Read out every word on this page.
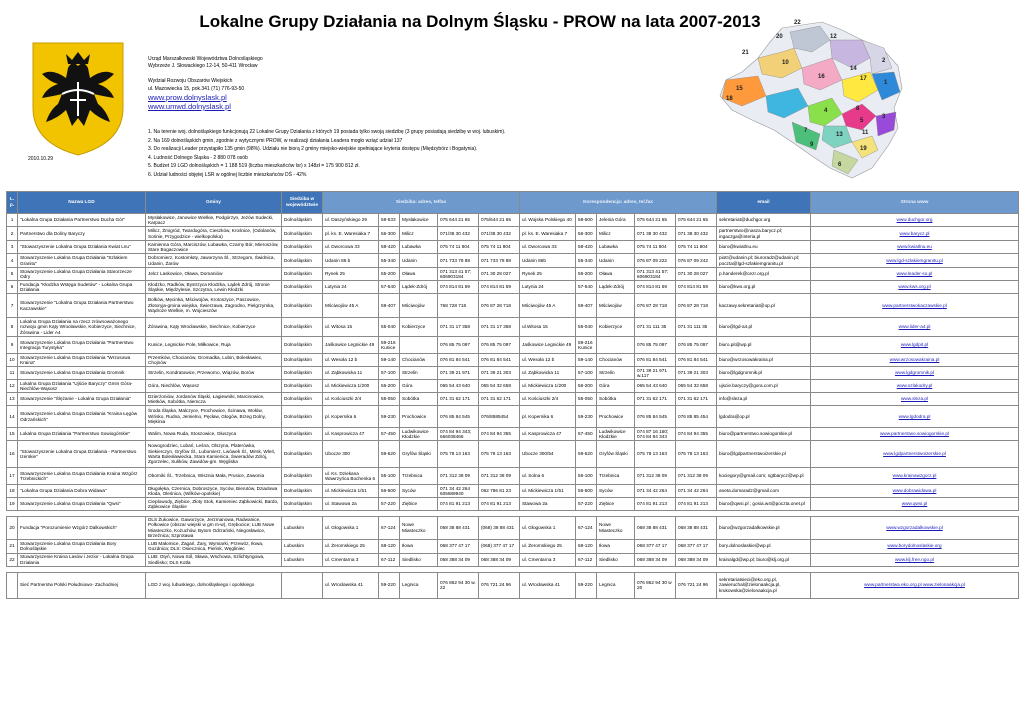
Lokalne Grupy Działania na Dolnym Śląsku - PROW na lata 2007-2013
Urząd Marszałkowski Województwa Dolnośląskiego
Wybrzeże J. Słowackiego 12-14, 50-411 Wrocław
Wydział Rozwoju Obszarów Wiejskich
ul. Mazowiecka 15, pok.341 (71) 776-93-50
www.prow.dolnyslask.pl
www.umwd.dolnyslask.pl
1. Na terenie woj. dolnośląskiego funkcjonują 22 Lokalne Grupy Działania z których 19 posiada tylko swoją siedzibę (3 grupy posiadają siedzibę w woj. lubuskim).
2. Na 169 dolnośląskich gmin, zgodnie z wytycznymi PROW, w realizacji działania Leadera mogło wziąć udział 137
3. Do realizacji Leader przystąpiło 135 gmin (98%). Udziału nie biorą 2 gminy miejsko-wiejskie spełniające kryteria dostępu (Międzybórz i Bogatynia).
4. Ludność Dolnego Śląska - 2 880 078 osób
5. Budżet 19 LGD dolnośląskich = 1 188 519 (liczba mieszkańców lsr) x 148zł = 175 900 812 zł.
6. Udział ludności objętej LSR w ogólnej liczbie mieszkańców DŚ - 42%
2010.10.29
22
20	12
21
10	2
14
17
1
16
15
18
4	8
3
5
7
13	11
19
9
6
L.p.	Nazwa LGD	Gminy	Siedziba w województwie	Siedziba: adres, telfax					Korespondencja: adres, tel.fax					email	Strona www
1	"Lokalna Grupa Działania Partnerstwo Ducha Gór"	Mysłakowice, Janowice Wielkie, Podgórzyn, Jeżów Sudecki, Karpacz	Dolnośląskim	ul. Daszyńskiego 29	58-533	Mysłakowice	075 644 21 65	075/644 21 65	ul. Wojska Polskiego 40	58-500	Jelenia Góra	075 644 21 65	075 644 21 65	sekretariat@duchgor.org	www.duchgor.org
2	Partnerstwo dla Doliny Baryczy	Milicz, Żmigród, Twardogóra, Cieszków, Krośnice, (Odolanów, Sośnie, Przygodzice - wielkopolska)	Dolnośląskim	pl. ks. E. Waresiaka 7	56-300	Milicz	071/38 30 432	071/38 30 432	pl. ks. E. Waresiaka 7	56-300	Milicz	071 38 30 432	071 38 30 432	partnerstwo@nasza.barycz.pl; ingaczga@interia.pl	www.barycz.pl
3	"Stowarzyszenie Lokalna Grupa Działania Kwiat Lnu"	Kamienna Góra, Marciszów, Lubawka, Czarny Bór, Mieroszów, Stare Bogaczowice	Dolnośląskim	ul. Dworcowa 33	58-420	Lubawka	075 74 11 804	075 74 11 804	ul. Dworcowa 33	58-420	Lubawka	075 74 11 804	075 74 11 804	biuro@kwiatlnu.eu	www.kwiatlnu.eu
4	Stowarzyszenie Lokalna Grupa Działania "Szlakiem Granitu"	Dobromierz, Kostomłoty, Jaworzyna Śl., Strzegom, Świdnica, Udanin, Żarów	Dolnośląskim	Udanin 86 b	55-340	Udanin	071 733 78 88	071 733 78 88	Udanin 86b	55-340	Udanin	076 87 09 222	076 87 09 242	piotr@udanin.pl; biuroradz@udanin.pl; poczta@lgd-szlakiemgranitu.pl	www.lgd-szlakiemgranitu.pl
5	Stowarzyszenie Lokalna Grupa Działania Starorzecze Odry	Jelcz Laskowice, Oława, Domaniów	Dolnośląskim	Rynek 25	55-200	Oława	071 313 41 57; 606903184	071 30 28 027	Rynek 25	55-200	Oława	071 313 41 57; 606903184	071 30 28 027	p.handerek@cezr.org.pl	www.leader-so.pl
6	Fundacja "Kłodzka Wstęga Sudetów" - Lokalna Grupa Działania	Kłodzko, Radków, Bystrzyca Kłodzka, Lądek Zdrój, Stronie Śląskie, Międzylesie, Szczytna, Lewin Kłodzki	Dolnośląskim	Lutynia 24	57-540	Lądek-Zdrój	074 814 81 59	074 814 81 59	Lutynia 24	57-540	Lądek-Zdrój	074 814 81 59	074 814 81 59	biuro@kws.org.pl	www.kws.org.pl
7	Stowarzyszenie "Lokalna Grupa Działania Partnerstwo Kaczawskie"	Bolków, Męcinka, Mściwojów, Krotoszyce, Paszowice, Złotoryja-gmina wiejska, Świerzawa, Zagrodno, Pielgrzymka, Wądroże Wielkie, m. Wojcieszów	Dolnośląskim	Mściwojów 45 A	59-407	Mściwojów	768 728 718	076 87 28 718	Mściwojów 45 A	59-407	Mściwojów	076 87 28 718	076 87 28 718	kaczawy.sekretariat@op.pl	www.partnerstwokaczawskie.pl
8	Lokalna Grupa Działania na rzecz zrównoważonego rozwoju gmin Kąty Wrocławskie, Kobierzyce, Siechnice, Żórawina - Lider A4	Żórawina, Kąty Wrocławskie, Siechnice, Kobierzyce	Dolnośląskim	ul. Witosa 15	55-040	Kobierzyce	071 31 17 358	071 31 17 358	ul.Witosa 15	55-040	Kobierzyce	071 31 111 35	071 31 111 35	biuro@lgd-a4.pl	www.lider-a4.pl
9	Stowarzyszenie Lokalna Grupa Działania "Partnerstwo Integracja Turystyka"	Kunice, Legnickie Pole, Miłkowice, Ruja	Dolnośląskim	Jaśkowice Legnickie 49	59-216 Kunice		076 85 75 097	076 85 75 097	Jaśkowice Legnickie 49	59-216 Kunice		076 85 75 097	076 85 75 097	biuro.pit@wp.pl	www.lgdpit.pl
10	Stowarzyszenie Lokalna Grupa Działania "Wrzosowa Kraina"	Przemków, Chocianów, Gromadka, Lubin, Bolesławiec, Chojnów	Dolnośląskim	ul. Wesoła 12 b	59-140	Chocianów	076 81 84 541	076 81 84 541	ul. Wesoła 12 b	59-140	Chocianów	076 81 84 541	076 81 84 541	biuro@wrzosowakraina.pl	www.wrzosowakraina.pl
11	Stowarzyszenie Lokalna Grupa Działania Gromnik	Strzelin, Kondratowice, Przeworno, Wiązów, Borów	Dolnośląskim	ul. Ząbkowicka 11	57-100	Strzelin	071 39 21 971	071 39 21 303	ul. Ząbkowicka 11	57-100	Strzelin	071 39 21 971 w.117	071 39 21 303	biuro@lgdgromnik.pl	www.lgdgromnik.pl
12	Lokalna Grupa Działania "Ujście Baryczy" Gmin Góra-Niechlów-Wąsosz	Góra, Niechlów, Wąsosz	Dolnośląskim	ul. Mickiewicza 1/200	56-200	Góra	065 54 43 640	065 54 32 658	ul. Mickiewicza 1/200	56-200	Góra	065 54 43 640	065 54 32 658	ujscie.baryczy@gora.com.pl	www.szlakodry.pl
13	Stowarzyszenie "Ślężanie - Lokalna Grupa Działania"	Dzierżoniów, Jordanów Śląski, Łagiewniki, Marcinowice, Mietków, Sobótka, Niemcza	Dolnośląskim	ul. Kościuszki 2/4	55-050	Sobótka	071 31 62 171	071 31 62 171	ul. Kościuszki 2/4	55-050	Sobótka	071 31 62 171	071 31 62 171	info@sleza.pl	www.sleza.pl
14	Stowarzyszenie Lokalna Grupa Działania "Kraina Łęgów Odrzańskich"	Środa Śląska, Malczyce, Prochowice, Ścinawa, Wołów, Wińsko, Rudna, Jemielno, Pęcław, Głogów, Brzeg Dolny, Miękinia	Dolnośląskim	pl. Kopernika 6	59-230	Prochowice	076 85 84 545	076/8585454	pl. Kopernika 6	59-230	Prochowice	076 85 84 545	076 85 85 454	lgdodra@op.pl	www.lgdodra.pl
15	Lokalna Grupa Działania "Partnerstwo Sowiogórskie"	Walim, Nowa Ruda, Stoszowice, Głuszyca	Dolnośląskim	ul. Kasprowicza 47	57-450	Ludwikowice Kłodzkie	074 84 94 343; 666038466	074 84 94 355	ul. Kasprowicza 47	57-450	Ludwikowice Kłodzkie	074 87 16 150; 074 84 94 343	074 84 94 355	biuro@partnerstwo.sowiogorskie.pl	www.partnerstwo.sowiogorskie.pl
16	"Stowarzyszenie Lokalna Grupa Działania - Partnerstwo Izerskie"	Nowogrodziec, Lubań, Leśna, Olszyna, Platerówka, Siekierczyn, Gryfów Śl., Lubomierz, Lwówek Śl., Mirsk, Wleń, Warta Bolesławiecka, Stara Kamienica, Świeradów Zdrój, Zgorzelec, Sulików, Zawidów-gm. Węgliska	Dolnośląskim	Ubocze 300	59-620	Gryfów Śląski	075 78 13 163	075 78 13 163	Ubocze 300/54	59-620	Gryfów Śląski	075 78 13 163	075 78 13 163	biuro@lgdpartnerstwoizerskie.pl	www.lgdpartnerstwoizerskie.pl
17	Stowarzyszenie Lokalna Grupa Działania Kraina Wzgórz Trzebnickich"	Oborniki Śl., Trzebnica, Wisznia Mała, Prusice, Zawonia	Dolnośląskim	ul. Ks. Dziekana Wawrzyńca Bochenka 6	55-100	Trzebnica	071 312 38 09	071 312 38 09	ul. Solna 6	55-100	Trzebnica	071 312 38 09	071 312 38 09	kociegory@gmail.com; sgtbarycz@wp.pl	www.krainawzgorz.pl
18	"Lokalna Grupa Działania Dobra Widawa"	Długołęka, Czernica, Dobroszyce, Syców, Bierutów, Dziadowa Kłoda, Oleśnica, (Wilków-opolskie)	Dolnośląskim	ul. Mickiewicza 1/51	56-500	Syców	071 34 42 264 605589940	062 786 81 23	ul. Mickiewicza 1/51	56-500	Syców	071 34 42 264	071 34 42 264	aneta.domaradz@gmail.com	www.dobrawidawa.pl
19	Stowarzyszenie Lokalna Grupa Działania "Qwsi"	Cieplowody, Ziębice, Złoty Stok, Kamieniec Ząbkowicki, Bardo, Ząbkowice Śląskie	Dolnośląskim	ul. Stawowa 2a	57-220	Ziębice	074 81 91 213	074 81 91 213	Stawowa 2a	57-220	Ziębice	074 81 91 213	074 81 91 213	biuro@qwsi.pl ; gosia.w4@poczta.onet.pl	www.qwsi.pl

20	Fundacja "Porozumienie Wzgórz Dalkowskich"	DLS Żukowice, Gaworzyce, Jerzmanowa, Radwanice, Polkowice (obszar wiejski w gm m-w), Grębocice; LUB Nowe Miasteczko, Kożuchów, Bytom Odrzański, Niegosławice, Brzeźnica; Szprotawa	Lubuskim	ul. Głogowska 1	67-124	Nowe Miasteczko	068 38 88 431	(068) 38 88 431	ul. Głogowska 1	67-124	Nowe Miasteczko	068 38 88 431	068 38 88 431	biuro@wzgorzadalkowskie.pl	www.wzgorzadalkowskie.pl
21	Stowarzyszenie Lokalna Grupa Działania Bory Dolnośląskie	LUB Małomice, Żagań, Żary, Wymiarki, Przewóz, Iłowa, Gozdnica; DLS: Osiecznica, Pieńsk, Węgliniec	Lubuskim	ul. Żeromskiego 25	68-120	Iłowa	068 377 47 17	(068) 377 47 17	ul. Żeromskiego 25	68-120	Iłowa	068 377 47 17	068 377 47 17	bory.dolnoslaskie@wp.pl	www.borydolnoslaskie.org
22	Stowarzyszenie Kraina Lasów i Jezior - Lokalna Grupa Działania	LUB: Otyń, Nowa Sól, Sława, Wschowa, Szlichtyngowa, Siedlisko; DLS Kotla	Lubuskim	ul. Cmentarna 3	67-112	Siedlisko	068 388 34 09	068 388 34 09	ul. Cmentarna 3	67-112	Siedlisko	068 388 34 09	068 388 34 09	krainalgd@wp.pl; biuro@klj.org.pl	www.klj.free.ngo.pl

	Sieć Partnerstw Polski Południowo- Zachodniej	LGD z woj. lubuskiego, dolnośląskiego i opolskiego		ul. Wrocławska 41	59-220	Legnica	076 862 94 30 w. 22	076 721 24 96	ul. Wrocławska 41	59-220	Legnica	076 862 94 30 w 20	076 721 24 96	sekretariatsieci@eko.org.pl, zawieruchal@zielonaakcja.pl, krukowska@zielonaakcja.pl	www.partnerstwa.eko.org.pl www.zielonaakcja.pl
